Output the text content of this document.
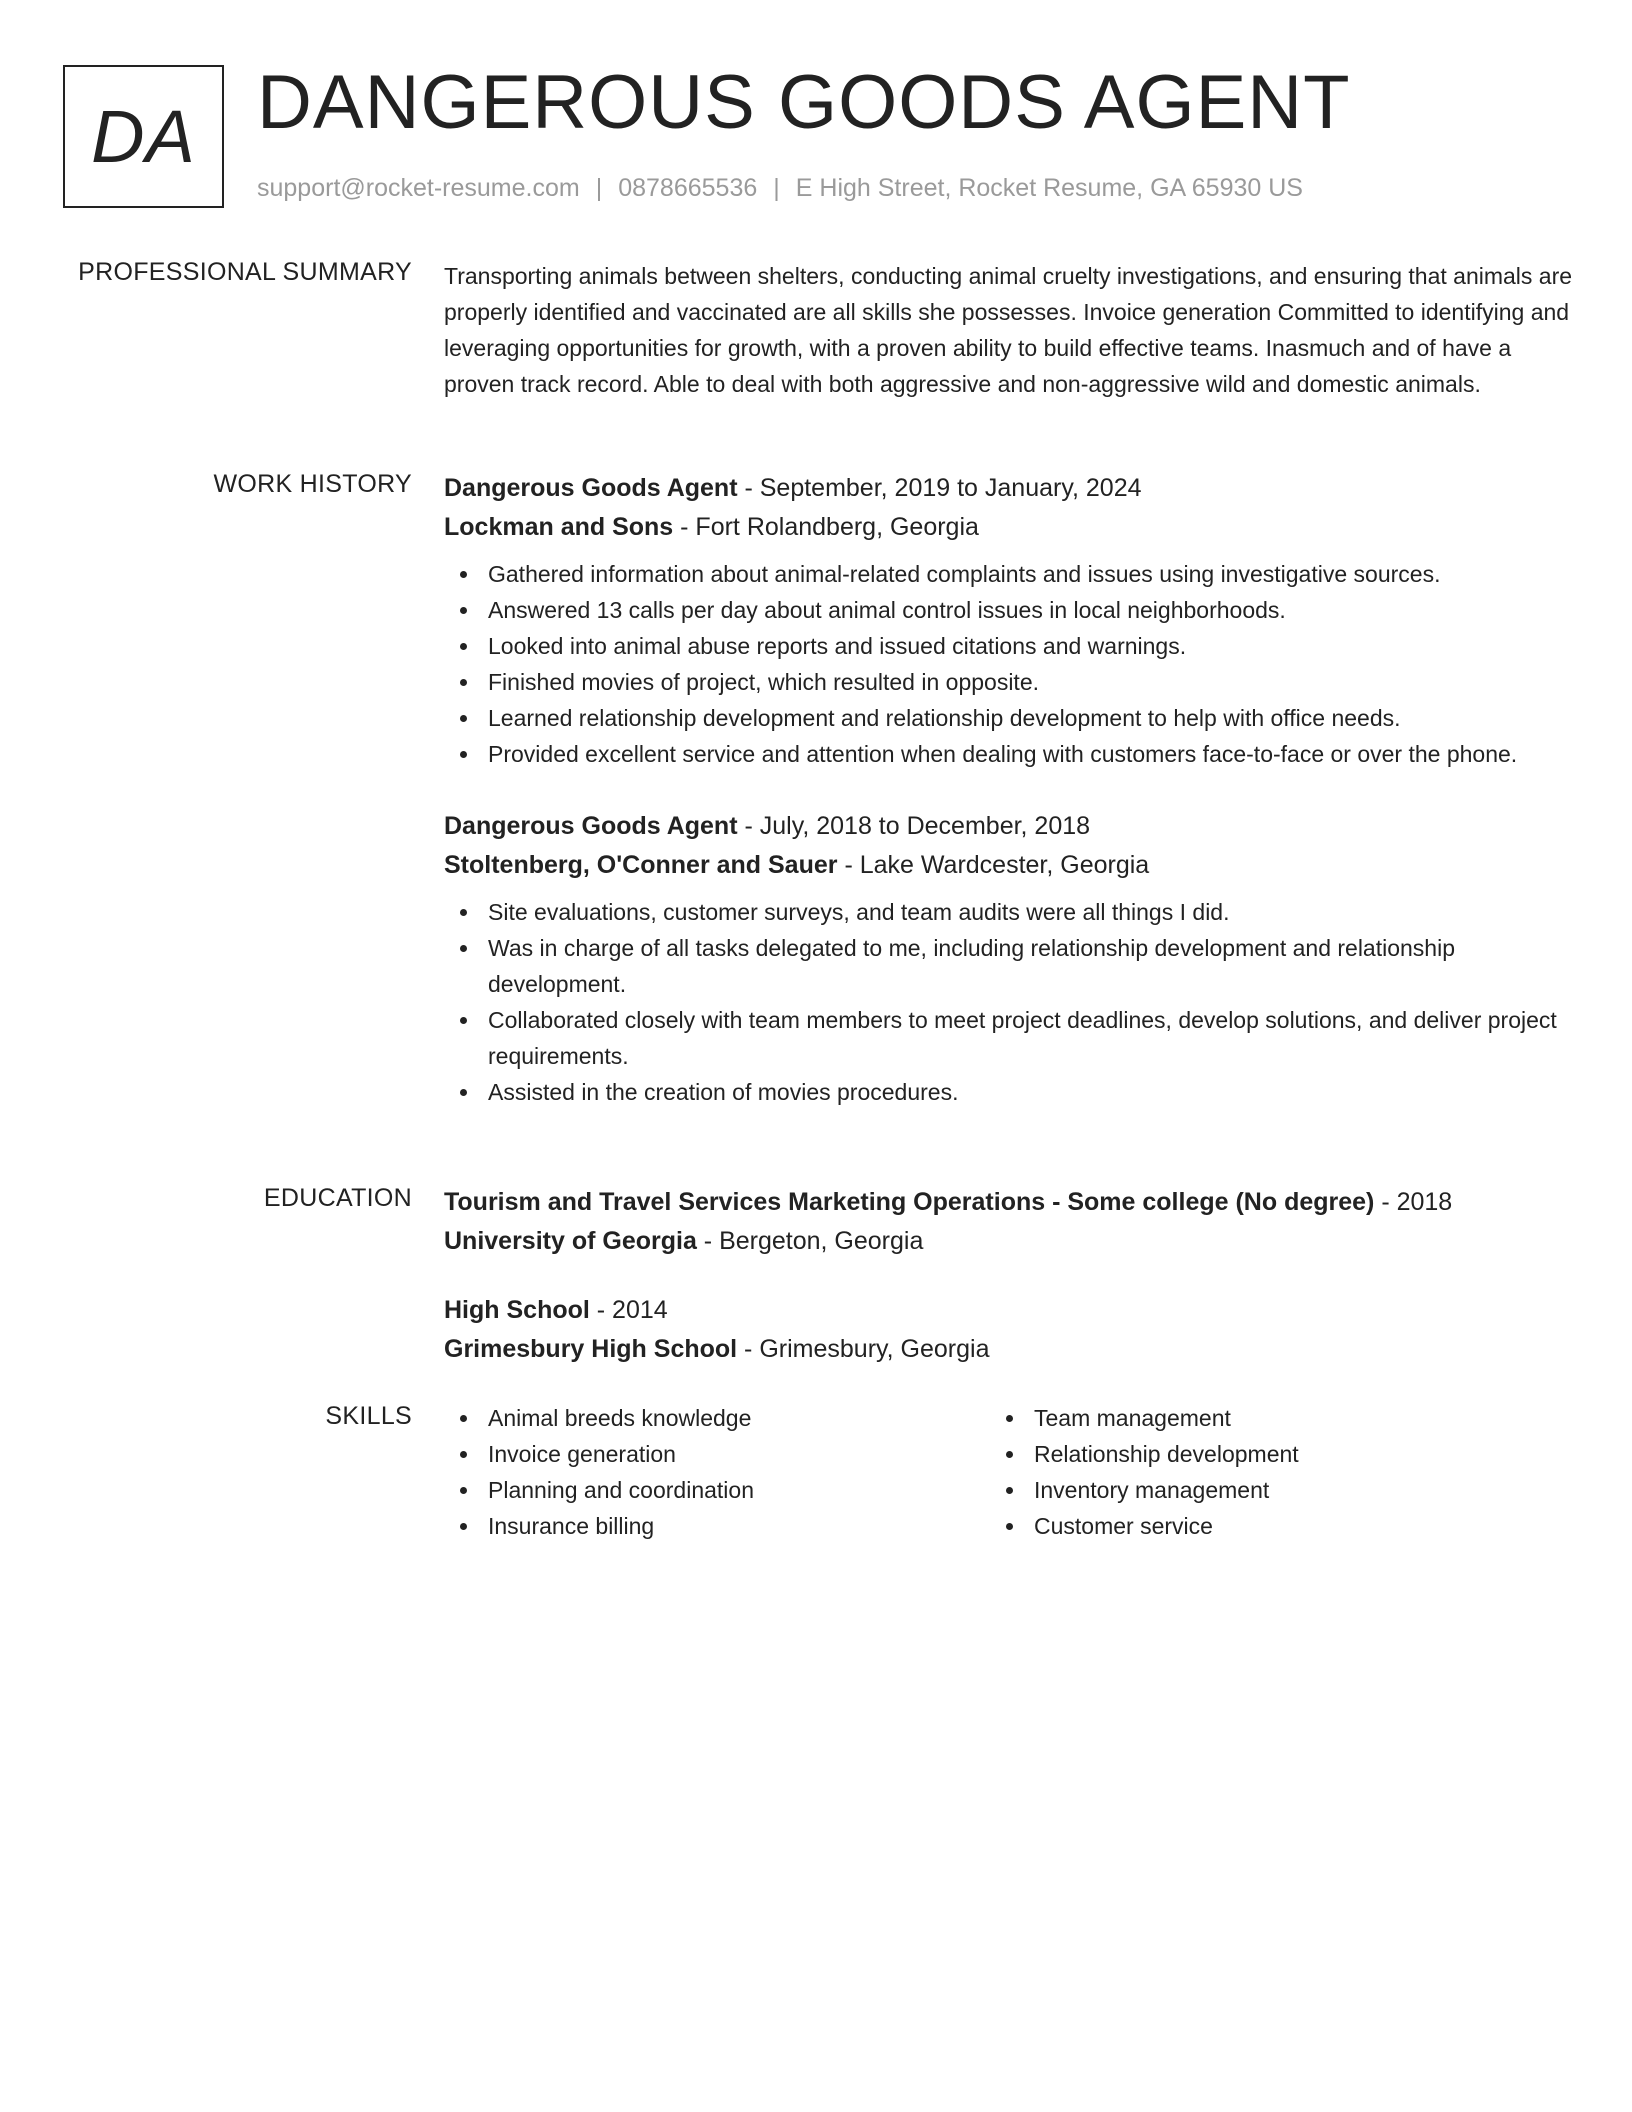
DA DANGEROUS GOODS AGENT
support@rocket-resume.com | 0878665536 | E High Street, Rocket Resume, GA 65930 US
PROFESSIONAL SUMMARY Transporting animals between shelters, conducting animal cruelty investigations, and ensuring that animals are properly identified and vaccinated are all skills she possesses. Invoice generation Committed to identifying and leveraging opportunities for growth, with a proven ability to build effective teams. Inasmuch and of have a proven track record. Able to deal with both aggressive and non-aggressive wild and domestic animals.
WORK HISTORY Dangerous Goods Agent - September, 2019 to January, 2024
Lockman and Sons - Fort Rolandberg, Georgia
Gathered information about animal-related complaints and issues using investigative sources.
Answered 13 calls per day about animal control issues in local neighborhoods.
Looked into animal abuse reports and issued citations and warnings.
Finished movies of project, which resulted in opposite.
Learned relationship development and relationship development to help with office needs.
Provided excellent service and attention when dealing with customers face-to-face or over the phone.
Dangerous Goods Agent - July, 2018 to December, 2018
Stoltenberg, O'Conner and Sauer - Lake Wardcester, Georgia
Site evaluations, customer surveys, and team audits were all things I did.
Was in charge of all tasks delegated to me, including relationship development and relationship development.
Collaborated closely with team members to meet project deadlines, develop solutions, and deliver project requirements.
Assisted in the creation of movies procedures.
EDUCATION Tourism and Travel Services Marketing Operations - Some college (No degree) - 2018
University of Georgia - Bergeton, Georgia
High School - 2014
Grimesbury High School - Grimesbury, Georgia
SKILLS	Animal breeds knowledge
Invoice generation
Planning and coordination
Insurance billing
Team management
Relationship development
Inventory management
Customer service
